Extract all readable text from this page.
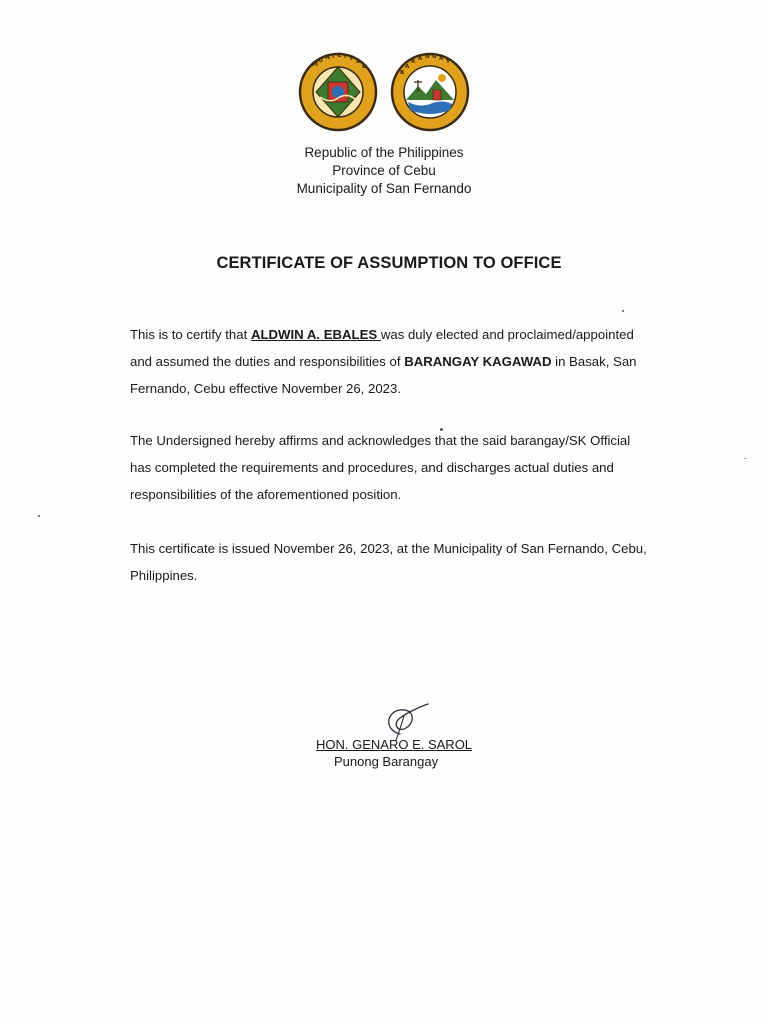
M
U N I C I P A
L
B
A
R A N G A Y
Republic of the Philippines
Province of Cebu
Municipality of San Fernando
CERTIFICATE OF ASSUMPTION TO OFFICE
This is to certify that ALDWIN A. EBALES was duly elected and proclaimed/appointed and assumed the duties and responsibilities of BARANGAY KAGAWAD in Basak, San Fernando, Cebu effective November 26, 2023.
The Undersigned hereby affirms and acknowledges that the said barangay/SK Official has completed the requirements and procedures, and discharges actual duties and responsibilities of the aforementioned position.
This certificate is issued November 26, 2023, at the Municipality of San Fernando, Cebu, Philippines.
HON. GENARO E. SAROL
Punong Barangay
